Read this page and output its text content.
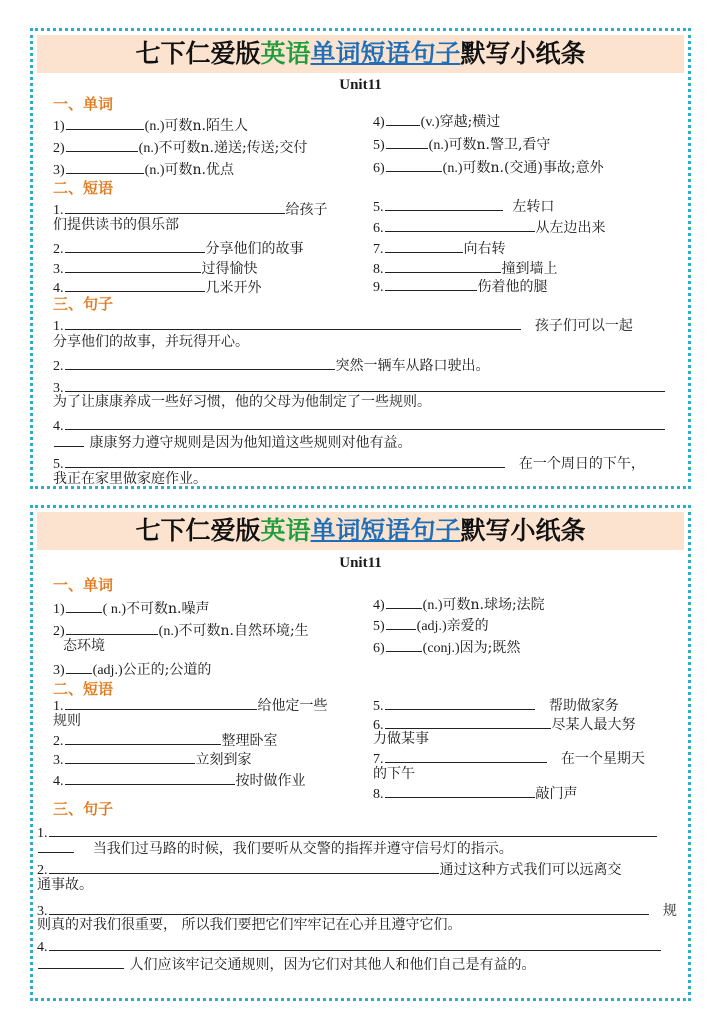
七下仁爱版英语单词短语句子默写小纸条
Unit11
一、单词
1)	(n.)可数n.陌生人
2)	(n.)不可数n.递送;传送;交付
3)	(n.)可数n.优点
4)	(v.)穿越;横过
5)	(n.)可数n.警卫,看守
6)	(n.)可数n.(交通)事故;意外
二、短语
1.	给孩子
们提供读书的俱乐部
2.	分享他们的故事
3.	过得愉快
4.	几米开外
5.	左转口
6.	从左边出来
7.	向右转
8.	撞到墙上
9.	伤着他的腿
三、句子
1.	孩子们可以一起
分享他们的故事，并玩得开心。
2.	突然一辆车从路口驶出。
3.
为了让康康养成一些好习惯，他的父母为他制定了一些规则。
4.
康康努力遵守规则是因为他知道这些规则对他有益。
5.	在一个周日的下午，
我正在家里做家庭作业。
七下仁爱版英语单词短语句子默写小纸条
Unit11
一、单词
1)	( n.)不可数n.噪声
2)	(n.)不可数n.自然环境;生
态环境
3) (adj.)公正的;公道的
4)	(n.)可数n.球场;法院
5) (adj.)亲爱的
6)	(conj.)因为;既然
二、短语
1.	给他定一些
规则
2.	整理卧室
3.	立刻到家
4.	按时做作业
5.	帮助做家务
6.	尽某人最大努
力做某事
7.	在一个星期天
的下午
8.	敲门声
三、句子
1.
当我们过马路的时候，我们要听从交警的指挥并遵守信号灯的指示。
2.	通过这种方式我们可以远离交
通事故。
3.	规
则真的对我们很重要， 所以我们要把它们牢牢记在心并且遵守它们。
4.
人们应该牢记交通规则，因为它们对其他人和他们自己是有益的。
